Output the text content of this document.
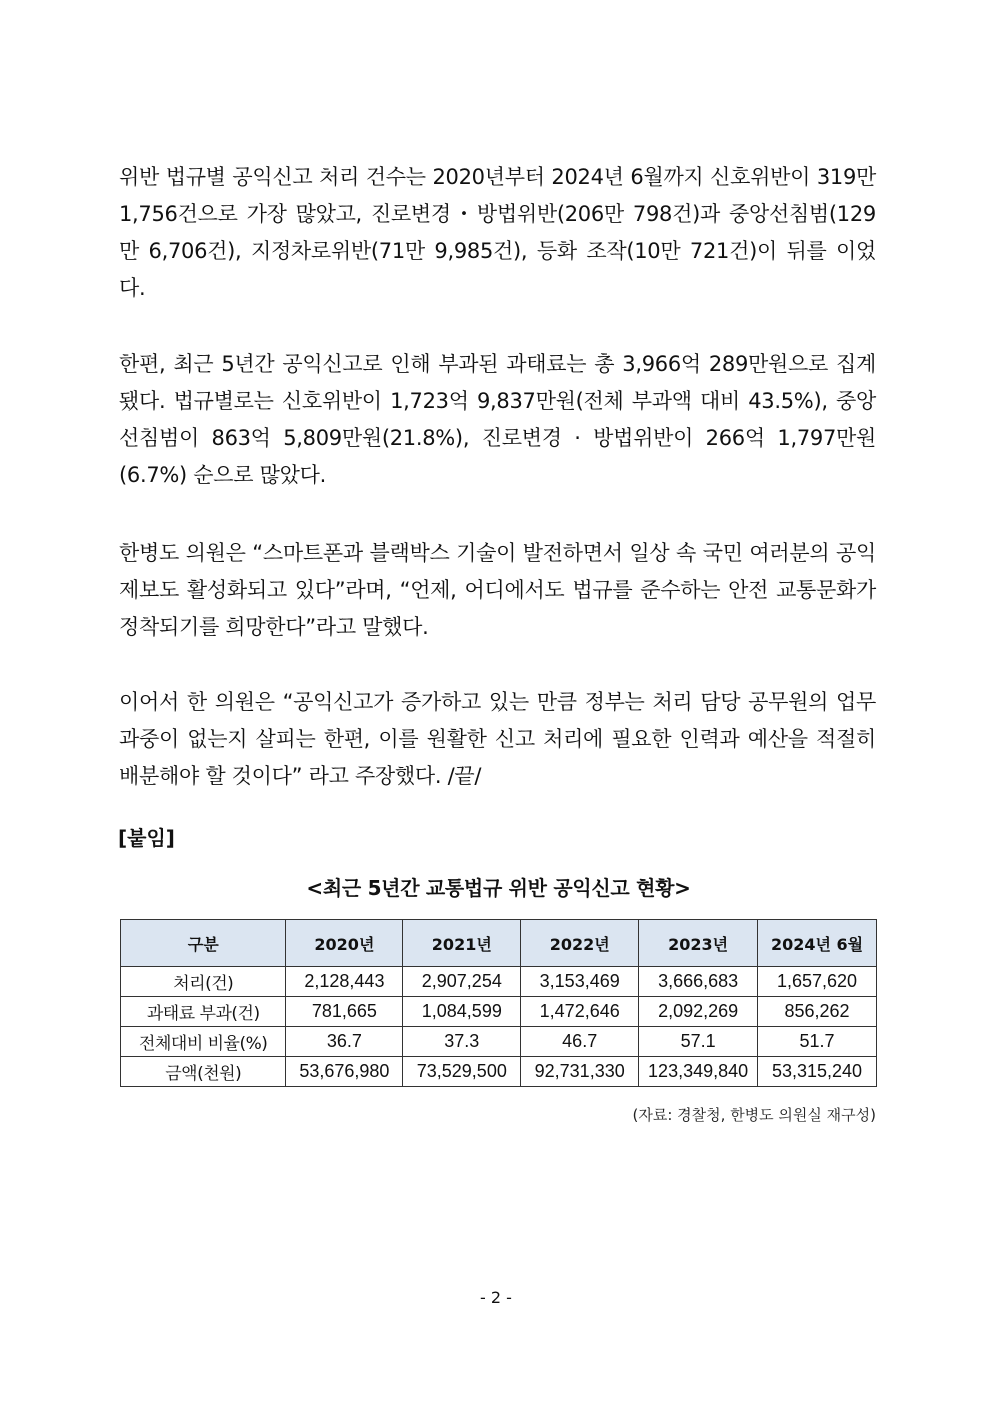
위반 법규별 공익신고 처리 건수는 2020년부터 2024년 6월까지 신호위반이 319만 1,756건으로 가장 많았고, 진로변경・방법위반(206만 798건)과 중앙선침범(129만 6,706건), 지정차로위반(71만 9,985건), 등화 조작(10만 721건)이 뒤를 이었다.
한편, 최근 5년간 공익신고로 인해 부과된 과태료는 총 3,966억 289만원으로 집계됐다. 법규별로는 신호위반이 1,723억 9,837만원(전체 부과액 대비 43.5%), 중앙선침범이 863억 5,809만원(21.8%), 진로변경 · 방법위반이 266억 1,797만원(6.7%) 순으로 많았다.
한병도 의원은 “스마트폰과 블랙박스 기술이 발전하면서 일상 속 국민 여러분의 공익 제보도 활성화되고 있다”라며, “언제, 어디에서도 법규를 준수하는 안전 교통문화가 정착되기를 희망한다”라고 말했다.
이어서 한 의원은 “공익신고가 증가하고 있는 만큼 정부는 처리 담당 공무원의 업무 과중이 없는지 살피는 한편, 이를 원활한 신고 처리에 필요한 인력과 예산을 적절히 배분해야 할 것이다” 라고 주장했다. /끝/
[붙임]
<최근 5년간 교통법규 위반 공익신고 현황>
구분	2020년	2021년	2022년	2023년	2024년 6월
처리(건)	2,128,443	2,907,254	3,153,469	3,666,683	1,657,620
과태료 부과(건)	781,665	1,084,599	1,472,646	2,092,269	856,262
전체대비 비율(%)	36.7	37.3	46.7	57.1	51.7
금액(천원)	53,676,980	73,529,500	92,731,330	123,349,840	53,315,240
(자료: 경찰청, 한병도 의원실 재구성)
- 2 -
